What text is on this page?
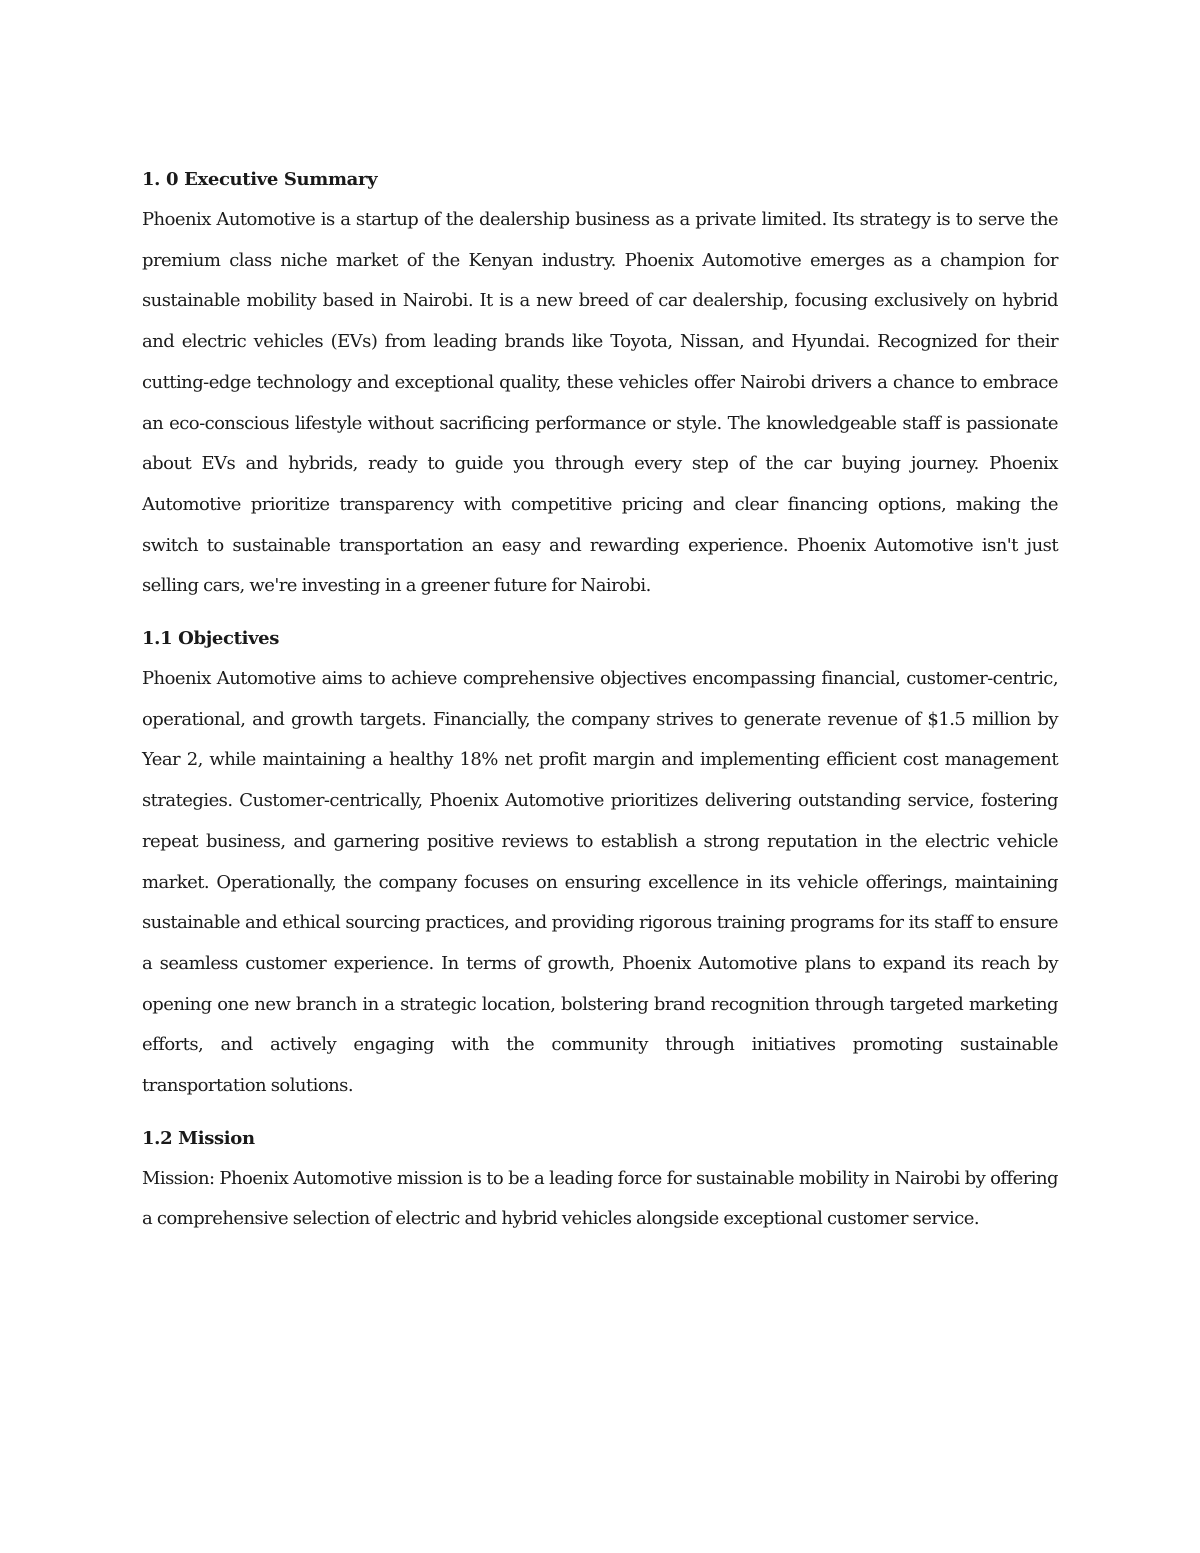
1. 0 Executive Summary

Phoenix Automotive is a startup of the dealership business as a private limited. Its strategy is to serve the premium class niche market of the Kenyan industry. Phoenix Automotive emerges as a champion for sustainable mobility based in Nairobi. It is a new breed of car dealership, focusing exclusively on hybrid and electric vehicles (EVs) from leading brands like Toyota, Nissan, and Hyundai. Recognized for their cutting-edge technology and exceptional quality, these vehicles offer Nairobi drivers a chance to embrace an eco-conscious lifestyle without sacrificing performance or style. The knowledgeable staff is passionate about EVs and hybrids, ready to guide you through every step of the car buying journey. Phoenix Automotive prioritize transparency with competitive pricing and clear financing options, making the switch to sustainable transportation an easy and rewarding experience. Phoenix Automotive isn't just selling cars, we're investing in a greener future for Nairobi.

1.1 Objectives

Phoenix Automotive aims to achieve comprehensive objectives encompassing financial, customer-centric, operational, and growth targets. Financially, the company strives to generate revenue of $1.5 million by Year 2, while maintaining a healthy 18% net profit margin and implementing efficient cost management strategies. Customer-centrically, Phoenix Automotive prioritizes delivering outstanding service, fostering repeat business, and garnering positive reviews to establish a strong reputation in the electric vehicle market. Operationally, the company focuses on ensuring excellence in its vehicle offerings, maintaining sustainable and ethical sourcing practices, and providing rigorous training programs for its staff to ensure a seamless customer experience. In terms of growth, Phoenix Automotive plans to expand its reach by opening one new branch in a strategic location, bolstering brand recognition through targeted marketing efforts, and actively engaging with the community through initiatives promoting sustainable transportation solutions.

1.2 Mission

Mission: Phoenix Automotive mission is to be a leading force for sustainable mobility in Nairobi by offering a comprehensive selection of electric and hybrid vehicles alongside exceptional customer service.
